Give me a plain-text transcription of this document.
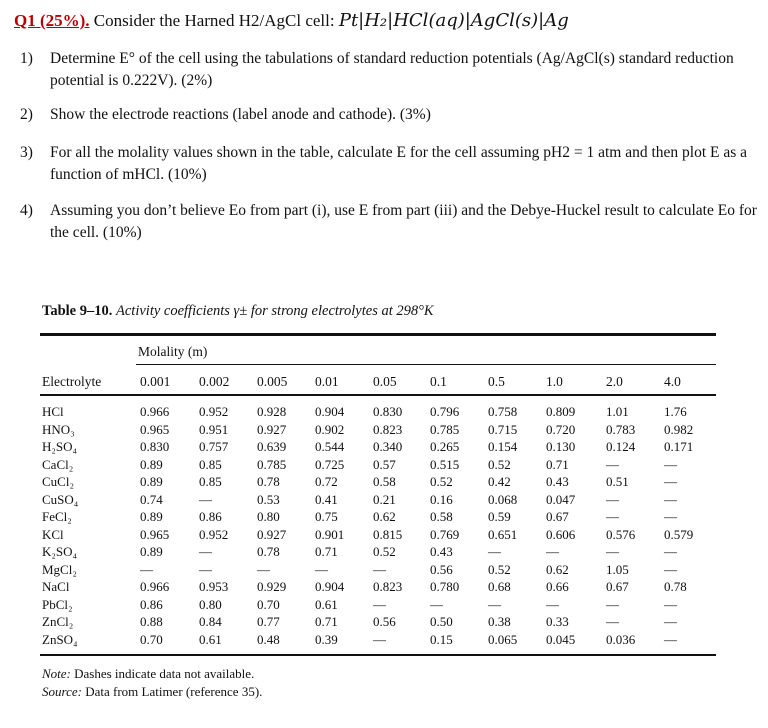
Q1 (25%). Consider the Harned H2/AgCl cell: Pt|H₂|HCl(aq)|AgCl(s)|Ag
1) Determine E° of the cell using the tabulations of standard reduction potentials (Ag/AgCl(s) standard reduction potential is 0.222V). (2%)
2) Show the electrode reactions (label anode and cathode). (3%)
3) For all the molality values shown in the table, calculate E for the cell assuming pH2 = 1 atm and then plot E as a function of mHCl. (10%)
4) Assuming you don’t believe Eo from part (i), use E from part (iii) and the Debye-Huckel result to calculate Eo for the cell. (10%)
Table 9–10. Activity coefficients γ± for strong electrolytes at 298°K
Molality (m)
Electrolyte	0.001 0.002 0.005 0.01	0.05 0.1	0.5	1.0	2.0	4.0
HCl	0.966 0.952 0.928 0.904 0.830 0.796 0.758 0.809 1.01	1.76
HNO₃	0.965 0.951 0.927 0.902 0.823 0.785 0.715 0.720 0.783 0.982
H₂SO₄	0.830 0.757 0.639 0.544 0.340 0.265 0.154 0.130 0.124 0.171
CaCl₂	0.89	0.85	0.785 0.725 0.57	0.515 0.52	0.71	—	—
CuCl₂	0.89	0.85	0.78	0.72	0.58	0.52	0.42	0.43	0.51	—
CuSO₄	0.74	—	0.53	0.41	0.21	0.16	0.068 0.047 —	—
FeCl₂	0.89	0.86	0.80	0.75	0.62	0.58	0.59	0.67	—	—
KCl	0.965 0.952 0.927 0.901 0.815 0.769 0.651 0.606 0.576 0.579
K₂SO₄	0.89	—	0.78	0.71	0.52	0.43	—	—	—	—
MgCl₂	—	—	—	—	—	0.56	0.52	0.62	1.05	—
NaCl	0.966 0.953 0.929 0.904 0.823 0.780 0.68	0.66	0.67	0.78
PbCl₂	0.86	0.80	0.70	0.61	—	—	—	—	—	—
ZnCl₂	0.88	0.84	0.77	0.71	0.56	0.50	0.38	0.33	—	—
ZnSO₄	0.70	0.61	0.48	0.39	—	0.15	0.065 0.045 0.036 —
Note: Dashes indicate data not available.
Source: Data from Latimer (reference 35).
